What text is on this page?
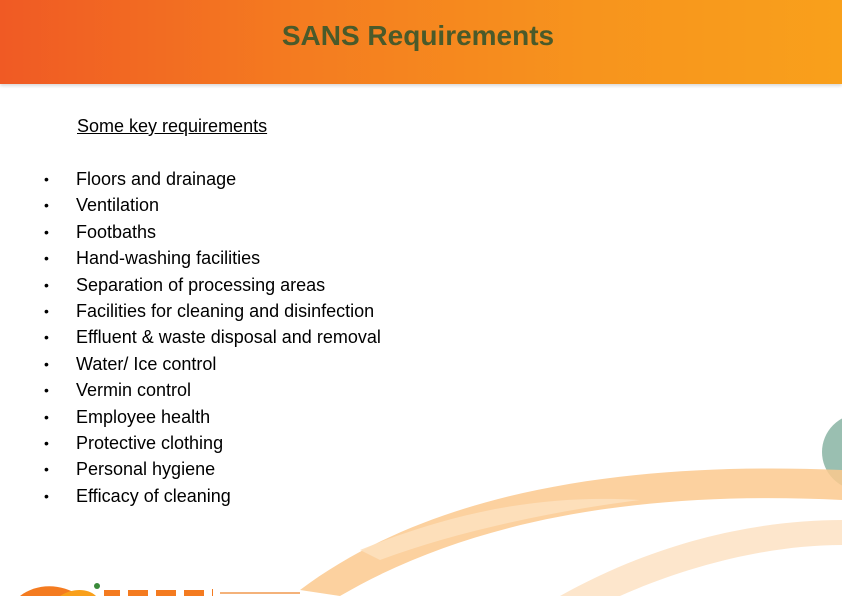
SANS Requirements
Some key requirements
• Floors and drainage
• Ventilation
• Footbaths
• Hand-washing facilities
• Separation of processing areas
• Facilities for cleaning and disinfection
• Effluent & waste disposal and removal
• Water/ Ice control
• Vermin control
• Employee health
• Protective clothing
• Personal hygiene
• Efficacy of cleaning
